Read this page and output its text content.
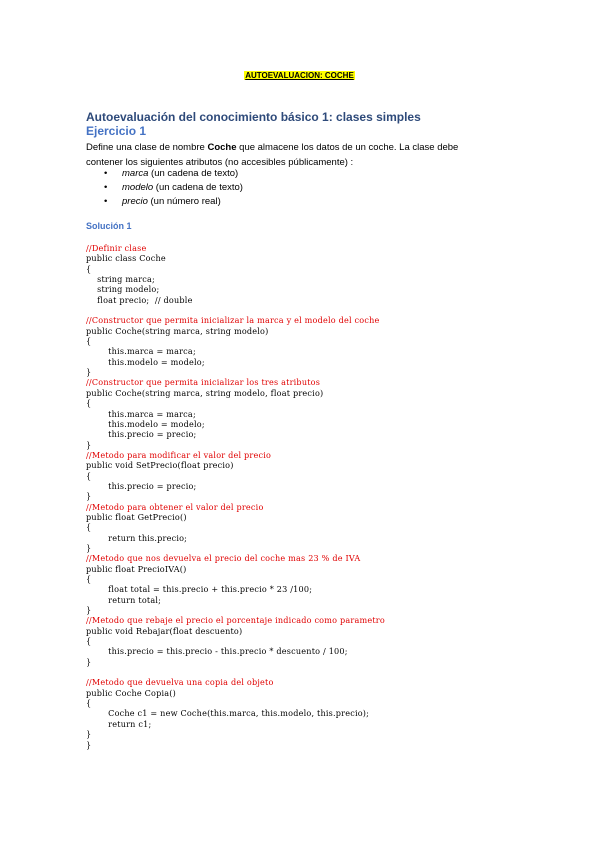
AUTOEVALUACION: COCHE
Autoevaluación del conocimiento básico 1: clases simples
Ejercicio 1
Define una clase de nombre Coche que almacene los datos de un coche. La clase debe
contener los siguientes atributos (no accesibles públicamente) :
• marca (un cadena de texto)
• modelo (un cadena de texto)
• precio (un número real)
Solución 1
//Definir clase
public class Coche
{
string marca;
string modelo;
float precio;  // double
//Constructor que permita inicializar la marca y el modelo del coche
public Coche(string marca, string modelo)
{
this.marca = marca;
this.modelo = modelo;
}
//Constructor que permita inicializar los tres atributos
public Coche(string marca, string modelo, float precio)
{
this.marca = marca;
this.modelo = modelo;
this.precio = precio;
}
//Metodo para modificar el valor del precio
public void SetPrecio(float precio)
{
this.precio = precio;
}
//Metodo para obtener el valor del precio
public float GetPrecio()
{
return this.precio;
}
//Metodo que nos devuelva el precio del coche mas 23 % de IVA
public float PrecioIVA()
{
float total = this.precio + this.precio * 23 /100;
return total;
}
//Metodo que rebaje el precio el porcentaje indicado como parametro
public void Rebajar(float descuento)
{
this.precio = this.precio - this.precio * descuento / 100;
}
//Metodo que devuelva una copia del objeto
public Coche Copia()
{
Coche c1 = new Coche(this.marca, this.modelo, this.precio);
return c1;
}
}
